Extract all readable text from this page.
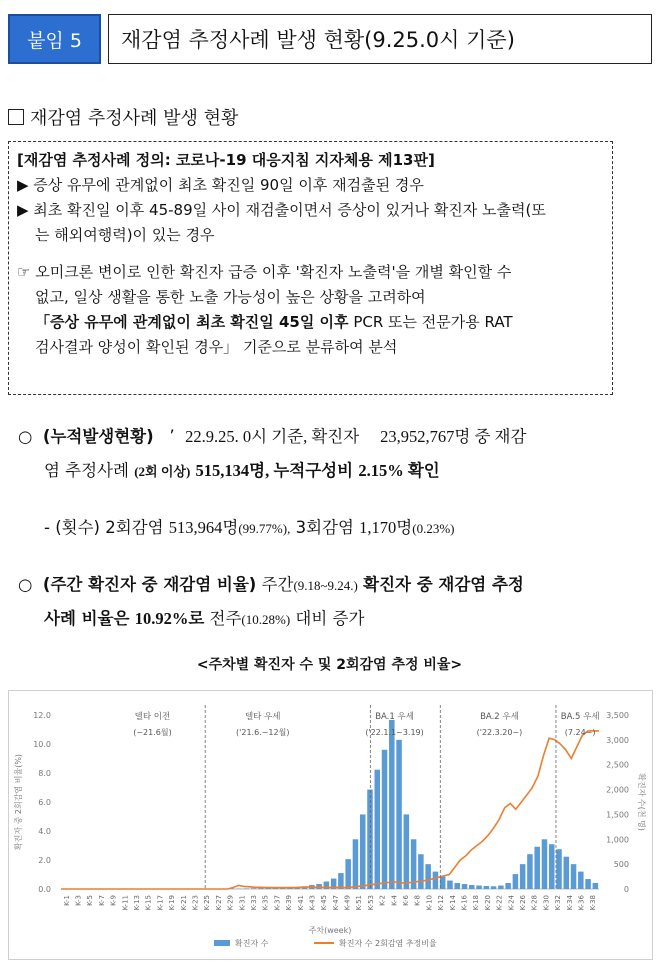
붙임 5	재감염 추정사례 발생 현황(9.25.0시 기준)
재감염 추정사례 발생 현황
[재감염 추정사례 정의: 코로나-19 대응지침 지자체용 제13판]
▶ 증상 유무에 관계없이 최초 확진일 90일 이후 재검출된 경우
▶ 최초 확진일 이후 45-89일 사이 재검출이면서 증상이 있거나 확진자 노출력(또
는 해외여행력)이 있는 경우
☞ 오미크론 변이로 인한 확진자 급증 이후 '확진자 노출력'을 개별 확인할 수
없고, 일상 생활을 통한 노출 가능성이 높은 상황을 고려하여
「증상 유무에 관계없이 최초 확진일 45일 이후 PCR 또는 전문가용 RAT
검사결과 양성이 확인된 경우」 기준으로 분류하여 분석
○ (누적발생현황) ’ 22.9.25. 0시 기준, 확진자 23,952,767명 중 재감
염 추정사례 (2회 이상) 515,134명, 누적구성비 2.15% 확인
- (횟수) 2회감염 513,964명(99.77%), 3회감염 1,170명(0.23%)
○ (주간 확진자 중 재감염 비율) 주간(9.18~9.24.) 확진자 중 재감염 추정
사례 비율은 10.92%로 전주(10.28%) 대비 증가
<주차별 확진자 수 및 2회감염 추정 비율>
0.0
2.0
4.0
6.0
8.0
10.0
12.0
0
500
1,000
1,500
2,000
2,500
3,000
3,500
확진자 중 2회감염 비율(%)	확진자 수(천 명)
주차(week)
K-1 K-3 K-5 K-7 K-9 K-11 K-13 K-15 K-17 K-19 K-21 K-23 K-25 K-27 K-29 K-31 K-33 K-35 K-37 K-39 K-41 K-43 K-45 K-47 K-49 K-51 K-53 K-2 K-4 K-6 K-8 K-10 K-12 K-14 K-16 K-18 K-20 K-22 K-24 K-26 K-28 K-30 K-32 K-34 K-36 K-38
델타 이전
(~21.6월)
델타 우세
('21.6.~12월)
BA.1 우세
('22.1.1~3.19)
BA.2 우세
('22.3.20~)
BA.5 우세
(7.24~)
확진자 수	확진자 수 2회감염 추정비율
